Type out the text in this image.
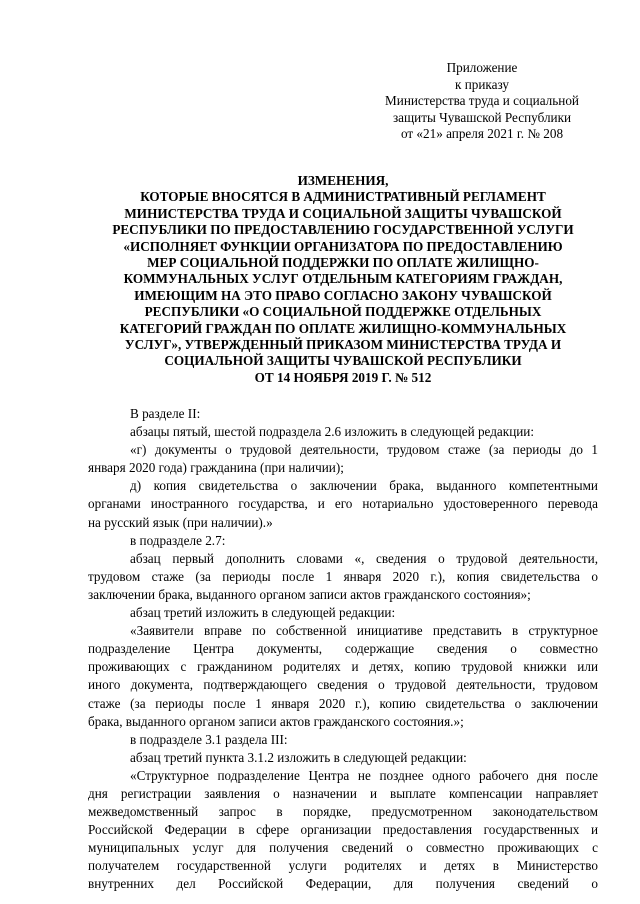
Приложение
к приказу
Министерства труда и социальной
защиты Чувашской Республики
от «21» апреля 2021 г. № 208
ИЗМЕНЕНИЯ,
КОТОРЫЕ ВНОСЯТСЯ В АДМИНИСТРАТИВНЫЙ РЕГЛАМЕНТ
МИНИСТЕРСТВА ТРУДА И СОЦИАЛЬНОЙ ЗАЩИТЫ ЧУВАШСКОЙ
РЕСПУБЛИКИ ПО ПРЕДОСТАВЛЕНИЮ ГОСУДАРСТВЕННОЙ УСЛУГИ
«ИСПОЛНЯЕТ ФУНКЦИИ ОРГАНИЗАТОРА ПО ПРЕДОСТАВЛЕНИЮ
МЕР СОЦИАЛЬНОЙ ПОДДЕРЖКИ ПО ОПЛАТЕ ЖИЛИЩНО-
КОММУНАЛЬНЫХ УСЛУГ ОТДЕЛЬНЫМ КАТЕГОРИЯМ ГРАЖДАН,
ИМЕЮЩИМ НА ЭТО ПРАВО СОГЛАСНО ЗАКОНУ ЧУВАШСКОЙ
РЕСПУБЛИКИ «О СОЦИАЛЬНОЙ ПОДДЕРЖКЕ ОТДЕЛЬНЫХ
КАТЕГОРИЙ ГРАЖДАН ПО ОПЛАТЕ ЖИЛИЩНО-КОММУНАЛЬНЫХ
УСЛУГ», УТВЕРЖДЕННЫЙ ПРИКАЗОМ МИНИСТЕРСТВА ТРУДА И
СОЦИАЛЬНОЙ ЗАЩИТЫ ЧУВАШСКОЙ РЕСПУБЛИКИ
ОТ 14 НОЯБРЯ 2019 Г. № 512
В разделе II:
абзацы пятый, шестой подраздела 2.6 изложить в следующей редакции:
«г) документы о трудовой деятельности, трудовом стаже (за периоды до 1
января 2020 года) гражданина (при наличии);
д) копия свидетельства о заключении брака, выданного компетентными
органами иностранного государства, и его нотариально удостоверенного перевода
на русский язык (при наличии).»
в подразделе 2.7:
абзац первый дополнить словами «, сведения о трудовой деятельности,
трудовом стаже (за периоды после 1 января 2020 г.), копия свидетельства о
заключении брака, выданного органом записи актов гражданского состояния»;
абзац третий изложить в следующей редакции:
«Заявители вправе по собственной инициативе представить в структурное
подразделение Центра документы, содержащие сведения о совместно
проживающих с гражданином родителях и детях, копию трудовой книжки или
иного документа, подтверждающего сведения о трудовой деятельности, трудовом
стаже (за периоды после 1 января 2020 г.), копию свидетельства о заключении
брака, выданного органом записи актов гражданского состояния.»;
в подразделе 3.1 раздела III:
абзац третий пункта 3.1.2 изложить в следующей редакции:
«Структурное подразделение Центра не позднее одного рабочего дня после
дня регистрации заявления о назначении и выплате компенсации направляет
межведомственный запрос в порядке, предусмотренном законодательством
Российской Федерации в сфере организации предоставления государственных и
муниципальных услуг для получения сведений о совместно проживающих с
получателем государственной услуги родителях и детях в Министерство
внутренних дел Российской Федерации, для получения сведений о
